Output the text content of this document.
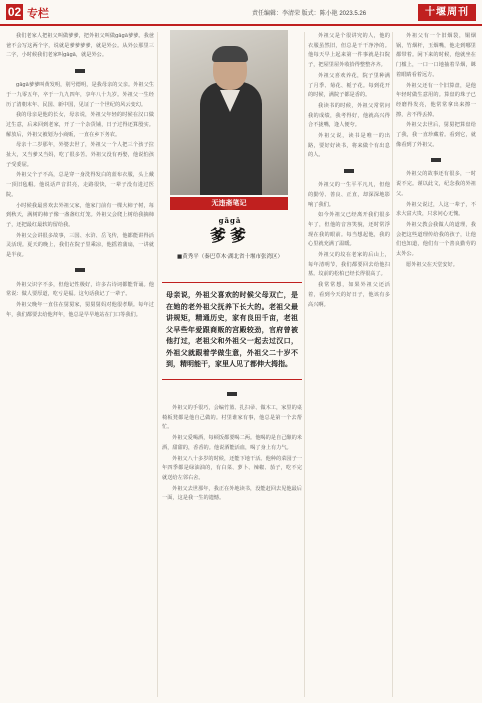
02 专栏	责任编辑：李清荣 版式：陈小艳 2023.5.26	十堰周刊

我们老家人把祖父叫做爹爹，把外祖父叫做gāgā爹爹。我爸爸不会写这两个字，说就是爹爹爹爹，就是外公。从外公那里三二字，小时候我们老家叫gāgā，就是外公。

gāgā爹爹叫黄发明，别号德明，是我母亲的父亲。外祖父生于一九零五年，卒于一九九四年，享年八十九岁。外祖父一生经历了清朝末年、民国、新中国，见证了一个世纪的风云变幻。

我的母亲是他的长女，母亲说，外祖父年轻的时候在汉口做过生意，后来回到老家，开了一个杂货铺，日子过得还算殷实。解放后，外祖父被划为小商贩，一直在乡下务农。

母亲十二岁那年，外婆去世了，外祖父一个人把三个孩子拉扯大，又当爹又当妈，吃了很多苦。外祖父没有再娶，他说怕孩子受委屈。

外祖父个子不高，总是穿一身洗得发白的蓝布衣服，头上戴一顶旧毡帽。他说话声音洪亮，走路很快，一辈子没有进过医院。

小时候我最喜欢去外祖父家，他家门前有一棵大柿子树，每到秋天，满树的柿子像一盏盏红灯笼。外祖父会爬上树给我摘柿子，还把最红最软的留给我。

外祖父会讲很多故事，三国、水浒、岳飞传，他都能讲得活灵活现。夏天的晚上，我们在院子里乘凉，他摇着蒲扇，一讲就是半夜。

外祖父识字不多，但他记性极好，许多古诗词都能背诵。他常说：做人要厚道，吃亏是福。这句话我记了一辈子。

外祖父晚年一直住在舅舅家，舅舅舅妈对他很孝顺。每年过年，我们都要去给他拜年，他总是早早地站在门口等我们。

无违斋笔记
gāgā
爹爹
■黄秀平（秦巴草木·湖北省十堰市张湾区）
母亲说，外祖父喜欢的时候父母双亡，是在她的老外祖父抚养下长大的。老祖父最讲规矩，精通历史，家有良田千亩，老祖父早些年爱跟商贩的宫殿较劲，官府曾被他打过，老祖父和外祖父一起去过汉口，外祖父就跟着学做生意，外祖父二十岁不到，精明能干，家里人见了都伸大拇指。

外祖父的手很巧，会编竹篮、扎扫帚、做木工，家里的桌椅板凳都是他自己做的。村里谁家有事，他总是第一个去帮忙。

外祖父爱喝酒，每顿饭都要喝二两。他喝的是自己酿的米酒，甜甜的，香香的。他说酒能活血，喝了身上有力气。

外祖父八十多岁的时候，还能下地干活。他种的菜园子一年四季都是绿油油的，有白菜、萝卜、辣椒、茄子，吃不完就送给左邻右舍。

外祖父去世那年，我正在外地读书，没能赶回去见他最后一面，这是我一生的遗憾。

外祖父是个很讲究的人，他的衣服虽然旧，但总是干干净净的。他每天早上起来第一件事就是扫院子，把屋里屋外收拾得整整齐齐。

外祖父喜欢养花，院子里种满了月季、菊花、栀子花。每到花开的时候，满院子都是香的。

我读书的时候，外祖父常常问我的成绩，我考得好，他就高兴得合不拢嘴，逢人便夸。

外祖父说，读书是唯一的出路，要好好读书，将来做个有出息的人。

外祖父的一生平平凡凡，但他的勤劳、善良、正直，却深深地影响了我们。

如今外祖父已经离开我们很多年了，但他的音容笑貌，还时常浮现在我的眼前。每当想起他，我的心里就充满了温暖。

外祖父的坟在老家的后山上，每年清明节，我们都要回去给他扫墓。坟前的松柏已经长得很高了。

我常常想，如果外祖父还活着，看到今天的好日子，他该有多高兴啊。

外祖父有一个旧烟袋，铜烟锅，竹烟杆，玉烟嘴，他走到哪里都带着。闲下来的时候，他就坐在门槛上，一口一口地抽着旱烟，眯着眼睛看着远方。

外祖父还有一个旧算盘，是他年轻时做生意用的。算盘的珠子已经磨得发亮，他常常拿出来擦一擦，舍不得丢掉。

外祖父去世后，舅舅把算盘给了我，我一直珍藏着。看到它，就像看到了外祖父。

外祖父的故事还有很多，一时说不完。谨以此文，纪念我的外祖父。

外祖父说过，人这一辈子，不求大富大贵，只求问心无愧。

外祖父教会我做人的道理，我会把这些道理传给我的孩子，让他们也知道，他们有一个善良勤劳的太外公。

愿外祖父在天堂安好。
